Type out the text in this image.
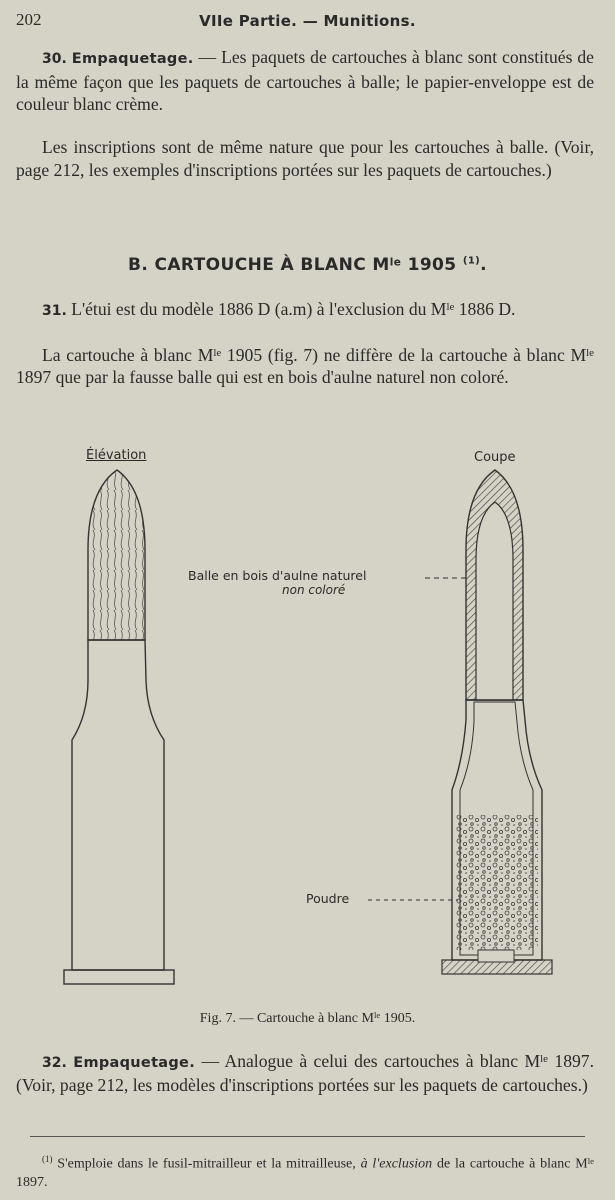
202	VIIe Partie. — Munitions.
30. Empaquetage. — Les paquets de cartouches à blanc sont constitués de la même façon que les paquets de cartouches à balle; le papier-enveloppe est de couleur blanc crème.
Les inscriptions sont de même nature que pour les cartouches à balle. (Voir, page 212, les exemples d'inscriptions portées sur les paquets de cartouches.)
B. CARTOUCHE À BLANC $M^{le}$ 1905 $^{(1)}$.
31. L'étui est du modèle 1886 D (a.m) à l'exclusion du $M^{le}$ 1886 D.
La cartouche à blanc $M^{le}$ 1905 (fig. 7) ne diffère de la cartouche à blanc $M^{le}$ 1897 que par la fausse balle qui est en bois d'aulne naturel non coloré.
Élévation	Coupe
Balle en bois d'aulne naturel
non coloré
Poudre
Fig. 7. — Cartouche à blanc $M^{le}$ 1905.
32. Empaquetage. — Analogue à celui des cartouches à blanc $M^{le}$ 1897. (Voir, page 212, les modèles d'inscriptions portées sur les paquets de cartouches.)
$^{(1)}$ S'emploie dans le fusil-mitrailleur et la mitrailleuse, à l'exclusion de la cartouche à blanc $M^{le}$ 1897.
